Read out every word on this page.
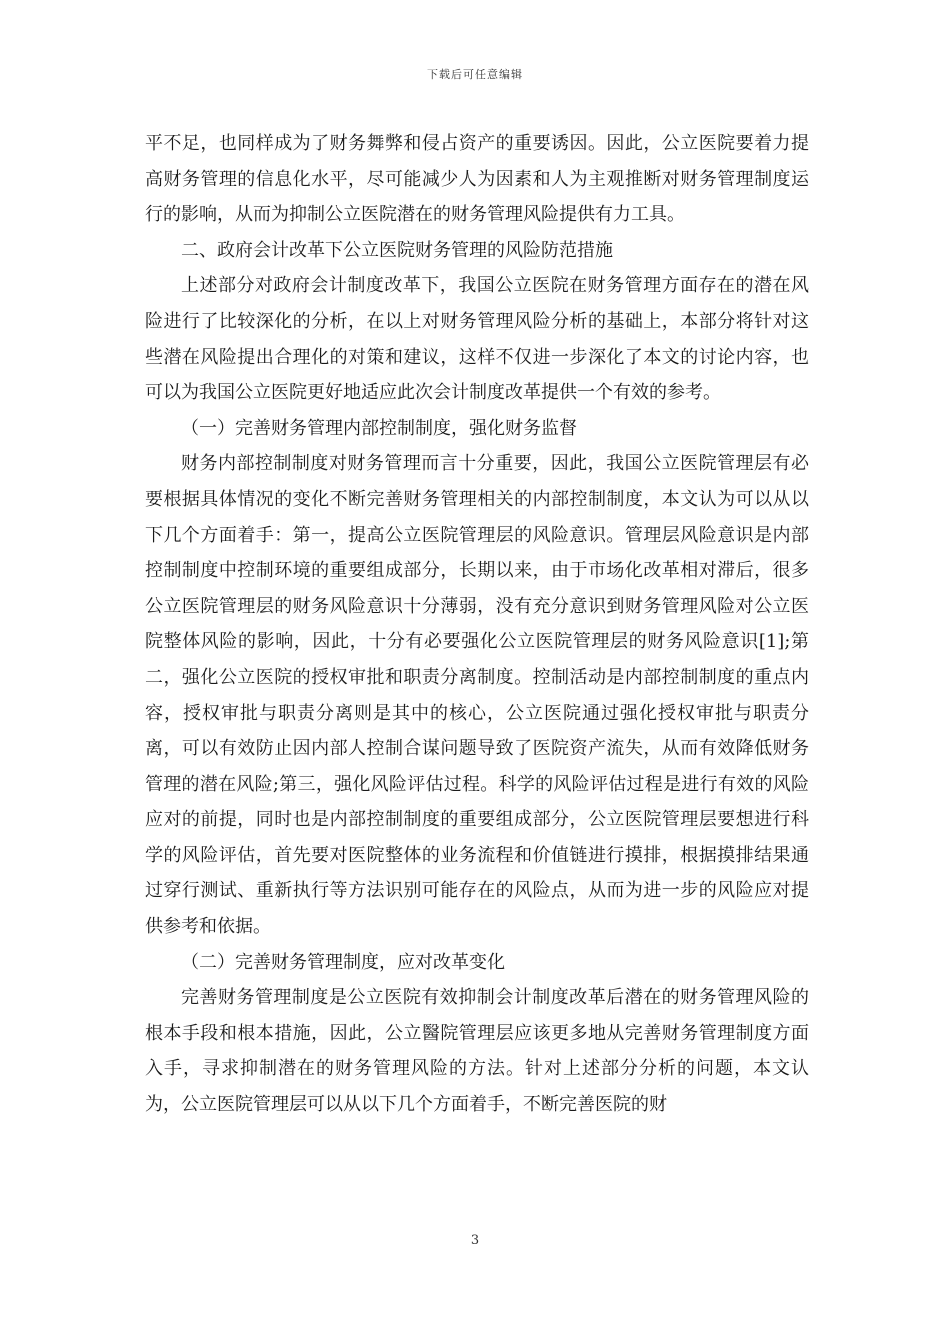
下载后可任意编辑

平不足，也同样成为了财务舞弊和侵占资产的重要诱因。因此，公立医院要着力提高财务管理的信息化水平，尽可能减少人为因素和人为主观推断对财务管理制度运行的影响，从而为抑制公立医院潜在的财务管理风险提供有力工具。

二、政府会计改革下公立医院财务管理的风险防范措施

上述部分对政府会计制度改革下，我国公立医院在财务管理方面存在的潜在风险进行了比较深化的分析，在以上对财务管理风险分析的基础上，本部分将针对这些潜在风险提出合理化的对策和建议，这样不仅进一步深化了本文的讨论内容，也可以为我国公立医院更好地适应此次会计制度改革提供一个有效的参考。

（一）完善财务管理内部控制制度，强化财务监督

财务内部控制制度对财务管理而言十分重要，因此，我国公立医院管理层有必要根据具体情况的变化不断完善财务管理相关的内部控制制度，本文认为可以从以下几个方面着手：第一，提高公立医院管理层的风险意识。管理层风险意识是内部控制制度中控制环境的重要组成部分，长期以来，由于市场化改革相对滞后，很多公立医院管理层的财务风险意识十分薄弱，没有充分意识到财务管理风险对公立医院整体风险的影响，因此，十分有必要强化公立医院管理层的财务风险意识[1];第二，强化公立医院的授权审批和职责分离制度。控制活动是内部控制制度的重点内容，授权审批与职责分离则是其中的核心，公立医院通过强化授权审批与职责分离，可以有效防止因内部人控制合谋问题导致了医院资产流失，从而有效降低财务管理的潜在风险;第三，强化风险评估过程。科学的风险评估过程是进行有效的风险应对的前提，同时也是内部控制制度的重要组成部分，公立医院管理层要想进行科学的风险评估，首先要对医院整体的业务流程和价值链进行摸排，根据摸排结果通过穿行测试、重新执行等方法识别可能存在的风险点，从而为进一步的风险应对提供参考和依据。

（二）完善财务管理制度，应对改革变化

完善财务管理制度是公立医院有效抑制会计制度改革后潜在的财务管理风险的根本手段和根本措施，因此，公立醫院管理层应该更多地从完善财务管理制度方面入手，寻求抑制潜在的财务管理风险的方法。针对上述部分分析的问题，本文认为，公立医院管理层可以从以下几个方面着手，不断完善医院的财

3
